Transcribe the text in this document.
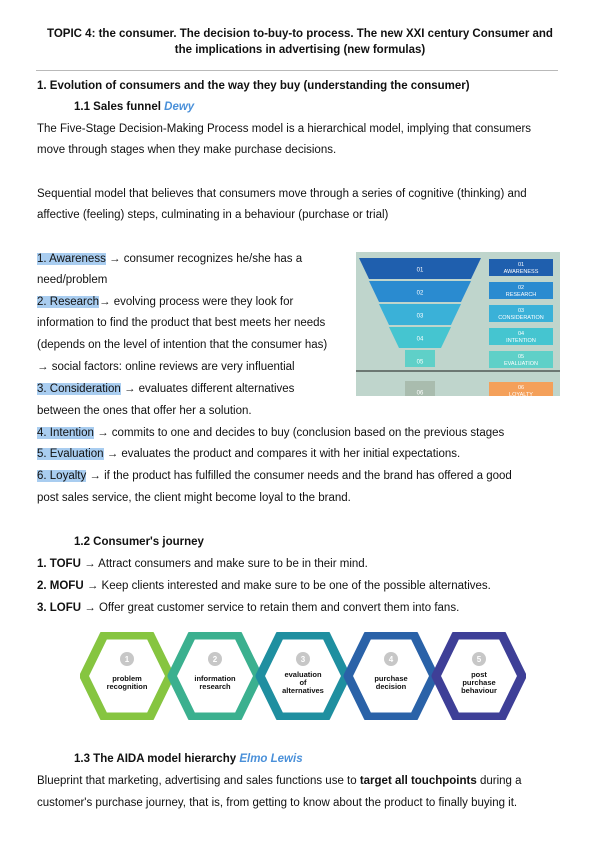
TOPIC 4: the consumer. The decision to-buy-to process. The new XXI century Consumer and
the implications in advertising (new formulas)
1. Evolution of consumers and the way they buy (understanding the consumer)
1.1 Sales funnel Dewy
The Five-Stage Decision-Making Process model is a hierarchical model, implying that consumers
move through stages when they make purchase decisions.
Sequential model that believes that consumers move through a series of cognitive (thinking) and
affective (feeling) steps, culminating in a behaviour (purchase or trial)
1. Awareness → consumer recognizes he/she has a
need/problem
2. Research→ evolving process were they look for
information to find the product that best meets her needs
(depends on the level of intention that the consumer has)
→ social factors: online reviews are very influential
3. Consideration → evaluates different alternatives
between the ones that offer her a solution.
4. Intention → commits to one and decides to buy (conclusion based on the previous stages
5. Evaluation → evaluates the product and compares it with her initial expectations.
6. Loyalty → if the product has fulfilled the consumer needs and the brand has offered a good
post sales service, the client might become loyal to the brand.
01
01
AWARENESS
02
02
RESEARCH
03
03
CONSIDERATION
04
04
INTENTION
05
05
EVALUATION
06
06
LOYALTY
1.2 Consumer's journey
1. TOFU → Attract consumers and make sure to be in their mind.
2. MOFU → Keep clients interested and make sure to be one of the possible alternatives.
3. LOFU → Offer great customer service to retain them and convert them into fans.
1
problem
recognition
2
information
research
3
evaluation
of
alternatives
4
purchase
decision
5
post
purchase
behaviour
1.3 The AIDA model hierarchy Elmo Lewis
Blueprint that marketing, advertising and sales functions use to target all touchpoints during a
customer's purchase journey, that is, from getting to know about the product to finally buying it.
